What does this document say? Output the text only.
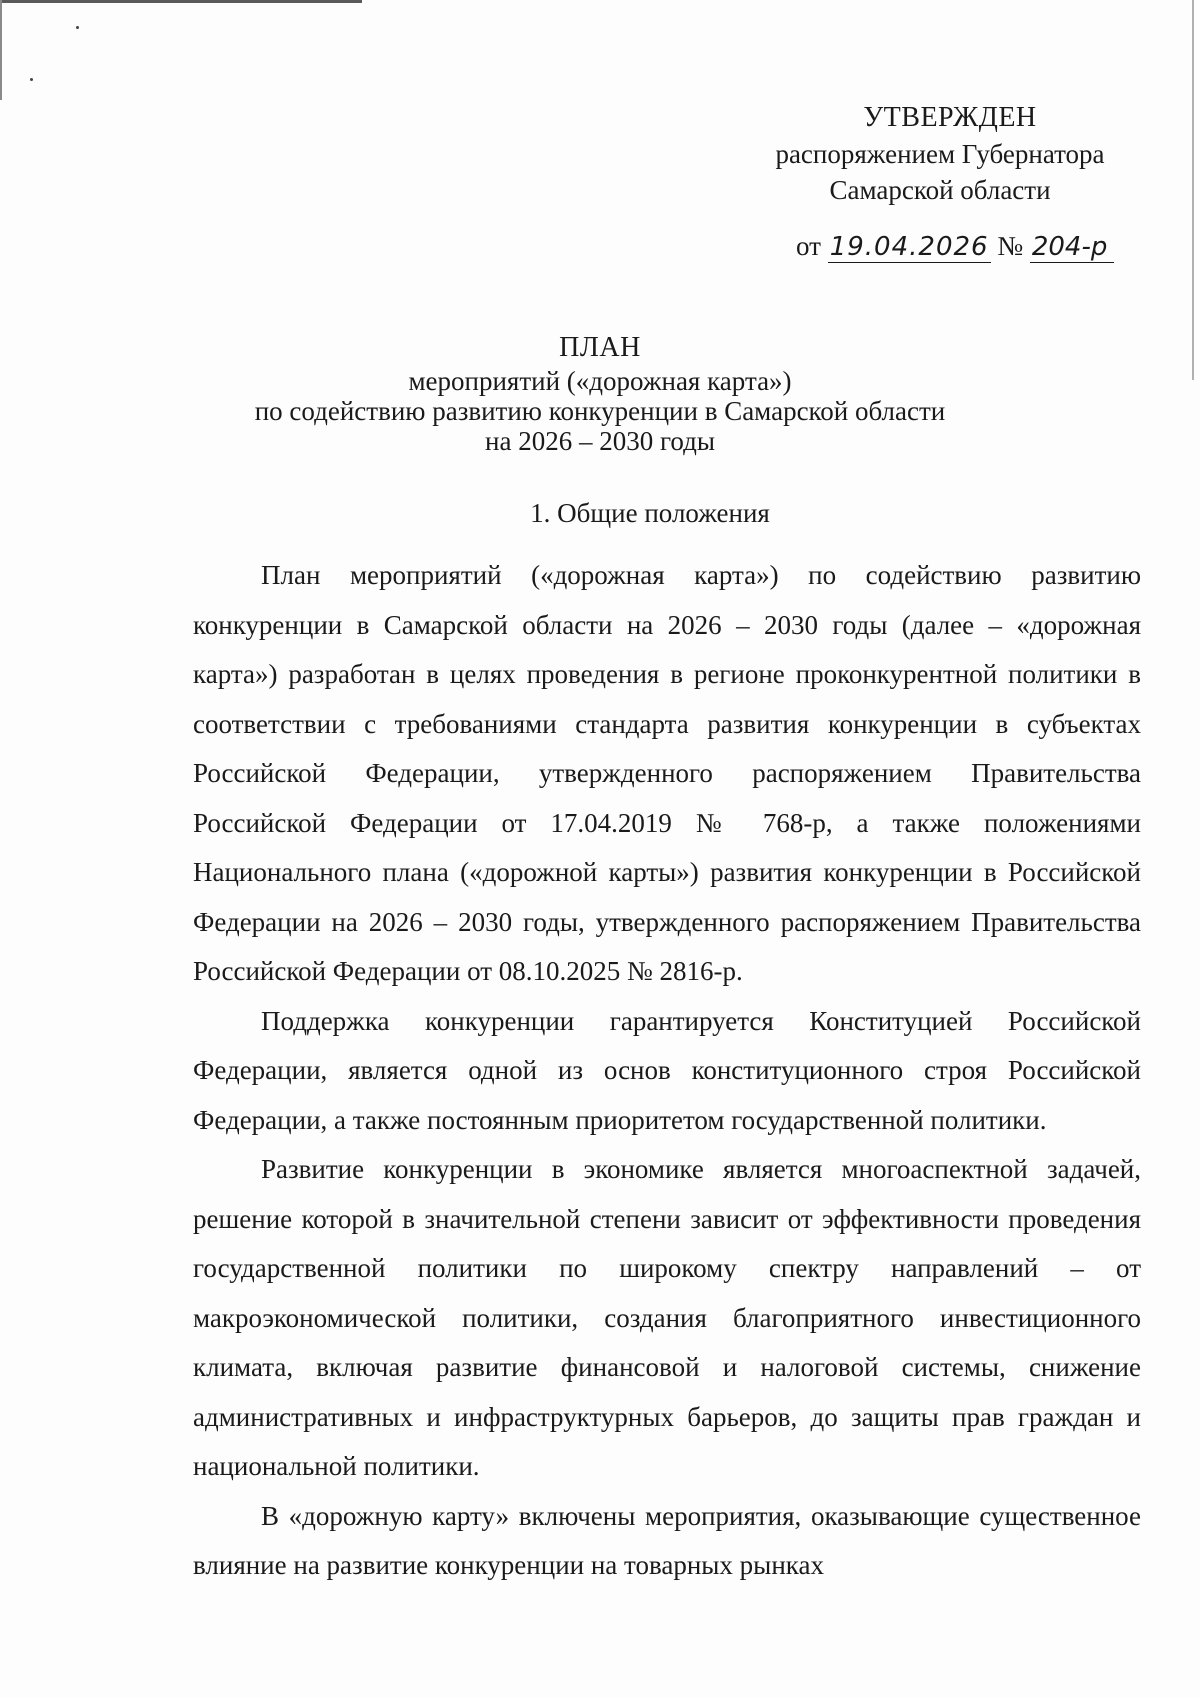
УТВЕРЖДЕН
распоряжением Губернатора
Самарской области
от 19.04.2026 № 204-р
ПЛАН
мероприятий («дорожная карта»)
по содействию развитию конкуренции в Самарской области
на 2026 – 2030 годы
1. Общие положения

План мероприятий («дорожная карта») по содействию развитию конкуренции в Самарской области на 2026 – 2030 годы (далее – «дорожная карта») разработан в целях проведения в регионе проконкурентной политики в соответствии с требованиями стандарта развития конкуренции в субъектах Российской Федерации, утвержденного распоряжением Правительства Российской Федерации от 17.04.2019 № 768-р, а также положениями Национального плана («дорожной карты») развития конкуренции в Российской Федерации на 2026 – 2030 годы, утвержденного распоряжением Правительства Российской Федерации от 08.10.2025 № 2816-р.

Поддержка конкуренции гарантируется Конституцией Российской Федерации, является одной из основ конституционного строя Российской Федерации, а также постоянным приоритетом государственной политики.

Развитие конкуренции в экономике является многоаспектной задачей, решение которой в значительной степени зависит от эффективности проведения государственной политики по широкому спектру направлений – от макроэкономической политики, создания благоприятного инвестиционного климата, включая развитие финансовой и налоговой системы, снижение административных и инфраструктурных барьеров, до защиты прав граждан и национальной политики.

В «дорожную карту» включены мероприятия, оказывающие существенное влияние на развитие конкуренции на товарных рынках
